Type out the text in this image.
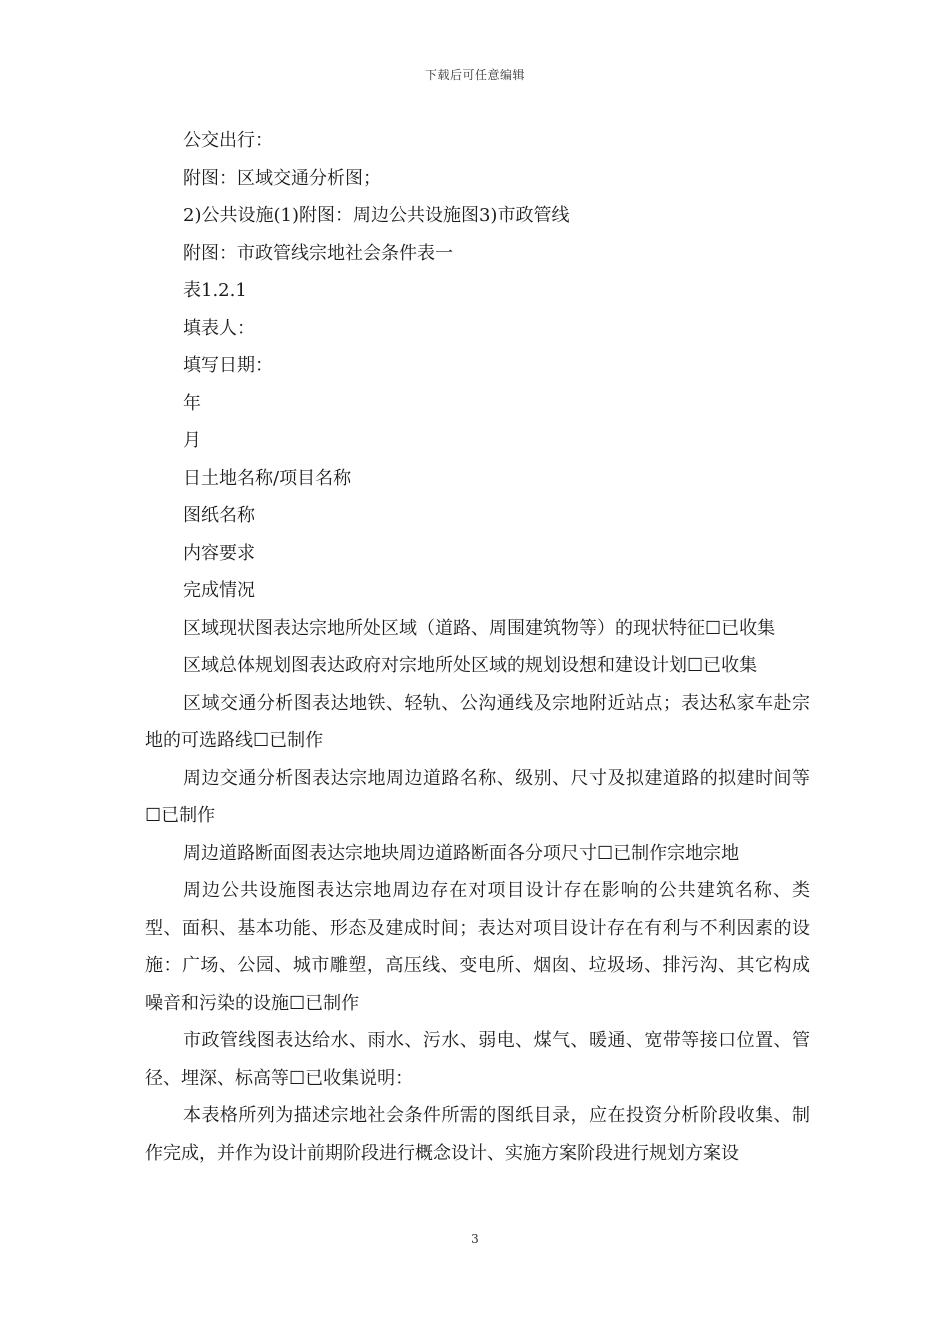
下载后可任意编辑

公交出行：

附图：区域交通分析图；

2)公共设施(1)附图：周边公共设施图3)市政管线

附图：市政管线宗地社会条件表一

表1.2.1

填表人：

填写日期：

年

月

日土地名称/项目名称

图纸名称

内容要求

完成情况

区域现状图表达宗地所处区域（道路、周围建筑物等）的现状特征☐已收集

区域总体规划图表达政府对宗地所处区域的规划设想和建设计划☐已收集

区域交通分析图表达地铁、轻轨、公沟通线及宗地附近站点；表达私家车赴宗地的可选路线☐已制作

周边交通分析图表达宗地周边道路名称、级别、尺寸及拟建道路的拟建时间等☐已制作

周边道路断面图表达宗地块周边道路断面各分项尺寸☐已制作宗地宗地

周边公共设施图表达宗地周边存在对项目设计存在影响的公共建筑名称、类型、面积、基本功能、形态及建成时间；表达对项目设计存在有利与不利因素的设施：广场、公园、城市雕塑，高压线、变电所、烟囱、垃圾场、排污沟、其它构成噪音和污染的设施☐已制作

市政管线图表达给水、雨水、污水、弱电、煤气、暖通、宽带等接口位置、管径、埋深、标高等☐已收集说明：

本表格所列为描述宗地社会条件所需的图纸目录，应在投资分析阶段收集、制作完成，并作为设计前期阶段进行概念设计、实施方案阶段进行规划方案设

3
